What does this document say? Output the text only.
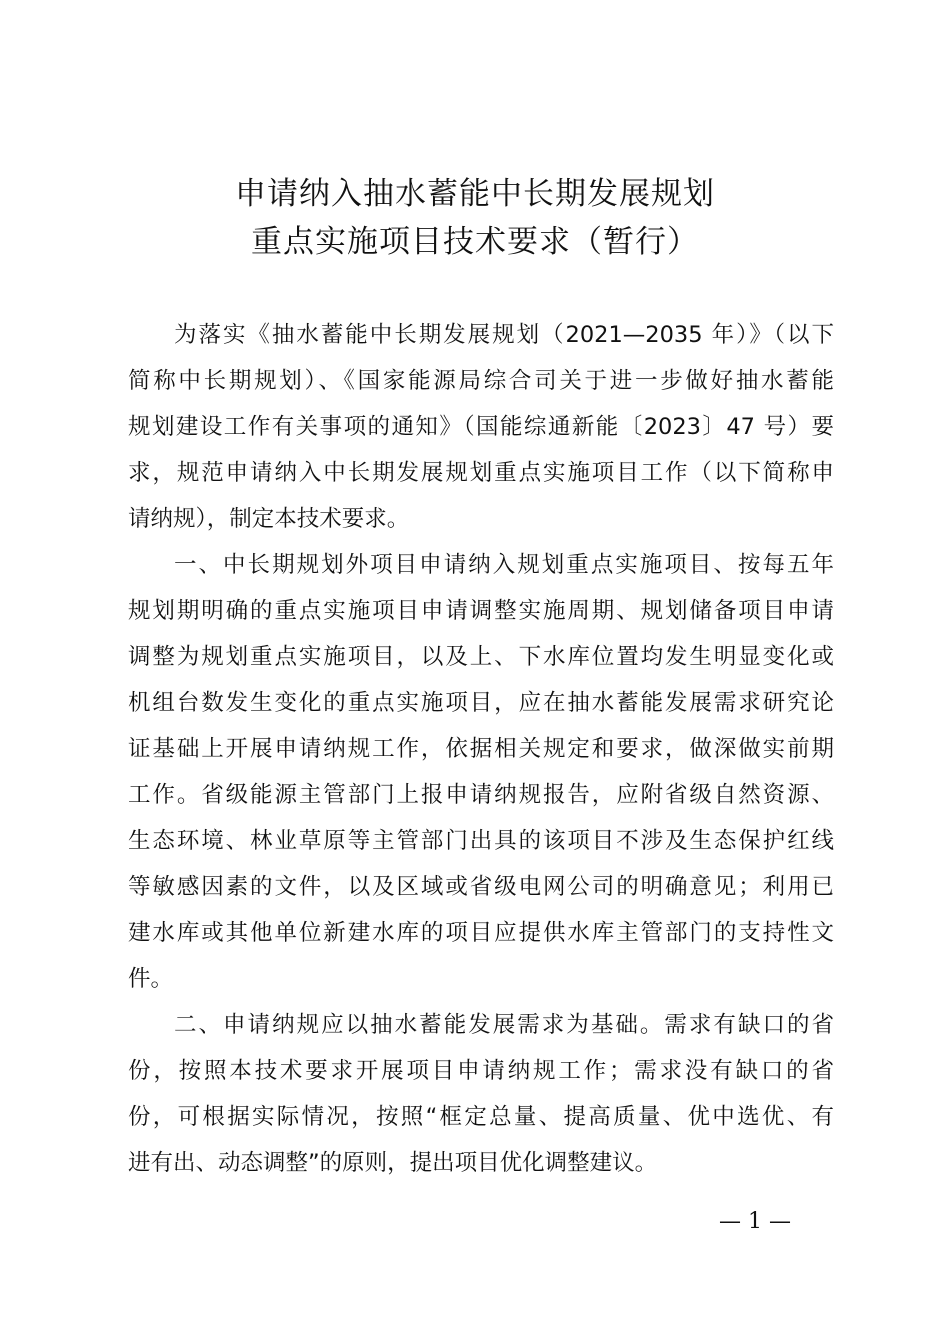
申请纳入抽水蓄能中长期发展规划
重点实施项目技术要求（暂行）
为落实《抽水蓄能中长期发展规划（2021—2035 年）》（以下
简称中长期规划）、《国家能源局综合司关于进一步做好抽水蓄能
规划建设工作有关事项的通知》（国能综通新能〔2023〕47 号）要
求，规范申请纳入中长期发展规划重点实施项目工作（以下简称申
请纳规），制定本技术要求。
一、中长期规划外项目申请纳入规划重点实施项目、按每五年
规划期明确的重点实施项目申请调整实施周期、规划储备项目申请
调整为规划重点实施项目，以及上、下水库位置均发生明显变化或
机组台数发生变化的重点实施项目，应在抽水蓄能发展需求研究论
证基础上开展申请纳规工作，依据相关规定和要求，做深做实前期
工作。省级能源主管部门上报申请纳规报告，应附省级自然资源、
生态环境、林业草原等主管部门出具的该项目不涉及生态保护红线
等敏感因素的文件，以及区域或省级电网公司的明确意见；利用已
建水库或其他单位新建水库的项目应提供水库主管部门的支持性文
件。
二、申请纳规应以抽水蓄能发展需求为基础。需求有缺口的省
份，按照本技术要求开展项目申请纳规工作；需求没有缺口的省
份，可根据实际情况，按照“框定总量、提高质量、优中选优、有
进有出、动态调整”的原则，提出项目优化调整建议。
— 1 —
